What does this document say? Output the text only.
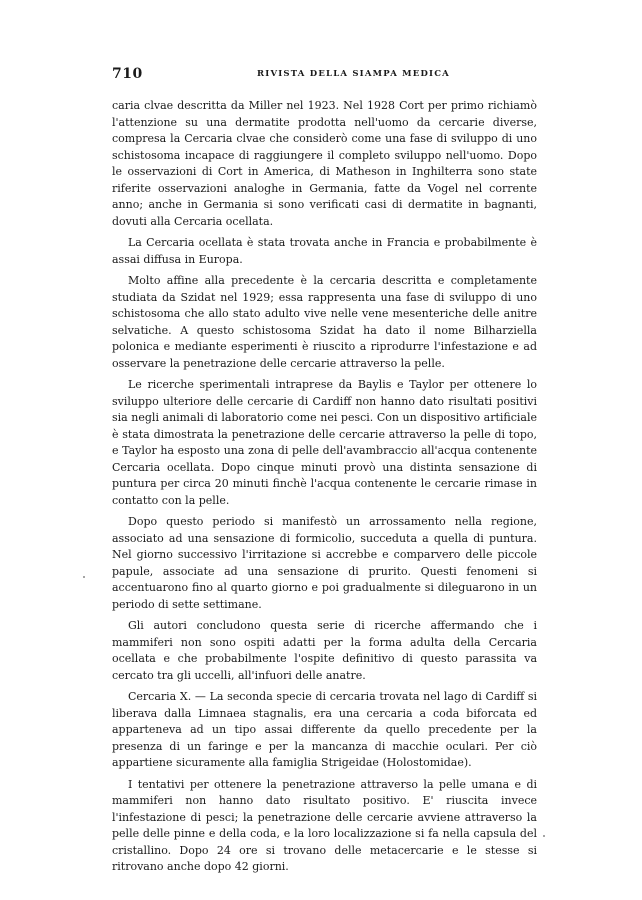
710	RIVISTA DELLA SIAMPA MEDICA

caria clvae descritta da Miller nel 1923. Nel 1928 Cort per primo richiamò l'attenzione su una dermatite prodotta nell'uomo da cercarie diverse, compresa la Cercaria clvae che considerò come una fase di sviluppo di uno schistosoma incapace di raggiungere il completo sviluppo nell'uomo. Dopo le osservazioni di Cort in America, di Matheson in Inghilterra sono state riferite osservazioni analoghe in Germania, fatte da Vogel nel corrente anno; anche in Germania si sono verificati casi di dermatite in bagnanti, dovuti alla Cercaria ocellata.

La Cercaria ocellata è stata trovata anche in Francia e probabilmente è assai diffusa in Europa.

Molto affine alla precedente è la cercaria descritta e completamente studiata da Szidat nel 1929; essa rappresenta una fase di sviluppo di uno schistosoma che allo stato adulto vive nelle vene mesenteriche delle anitre selvatiche. A questo schistosoma Szidat ha dato il nome Bilharziella polonica e mediante esperimenti è riuscito a riprodurre l'infestazione e ad osservare la penetrazione delle cercarie attraverso la pelle.

Le ricerche sperimentali intraprese da Baylis e Taylor per ottenere lo sviluppo ulteriore delle cercarie di Cardiff non hanno dato risultati positivi sia negli animali di laboratorio come nei pesci. Con un dispositivo artificiale è stata dimostrata la penetrazione delle cercarie attraverso la pelle di topo, e Taylor ha esposto una zona di pelle dell'avambraccio all'acqua contenente Cercaria ocellata. Dopo cinque minuti provò una distinta sensazione di puntura per circa 20 minuti finchè l'acqua contenente le cercarie rimase in contatto con la pelle.

Dopo questo periodo si manifestò un arrossamento nella regione, associato ad una sensazione di formicolio, succeduta a quella di puntura. Nel giorno successivo l'irritazione si accrebbe e comparvero delle piccole papule, associate ad una sensazione di prurito. Questi fenomeni si accentuarono fino al quarto giorno e poi gradualmente si dileguarono in un periodo di sette settimane.

Gli autori concludono questa serie di ricerche affermando che i mammiferi non sono ospiti adatti per la forma adulta della Cercaria ocellata e che probabilmente l'ospite definitivo di questo parassita va cercato tra gli uccelli, all'infuori delle anatre.

Cercaria X. — La seconda specie di cercaria trovata nel lago di Cardiff si liberava dalla Limnaea stagnalis, era una cercaria a coda biforcata ed apparteneva ad un tipo assai differente da quello precedente per la presenza di un faringe e per la mancanza di macchie oculari. Per ciò appartiene sicuramente alla famiglia Strigeidae (Holostomidae).

I tentativi per ottenere la penetrazione attraverso la pelle umana e di mammiferi non hanno dato risultato positivo. E' riuscita invece l'infestazione di pesci; la penetrazione delle cercarie avviene attraverso la pelle delle pinne e della coda, e la loro localizzazione si fa nella capsula del cristallino. Dopo 24 ore si trovano delle metacercarie e le stesse si ritrovano anche dopo 42 giorni.
